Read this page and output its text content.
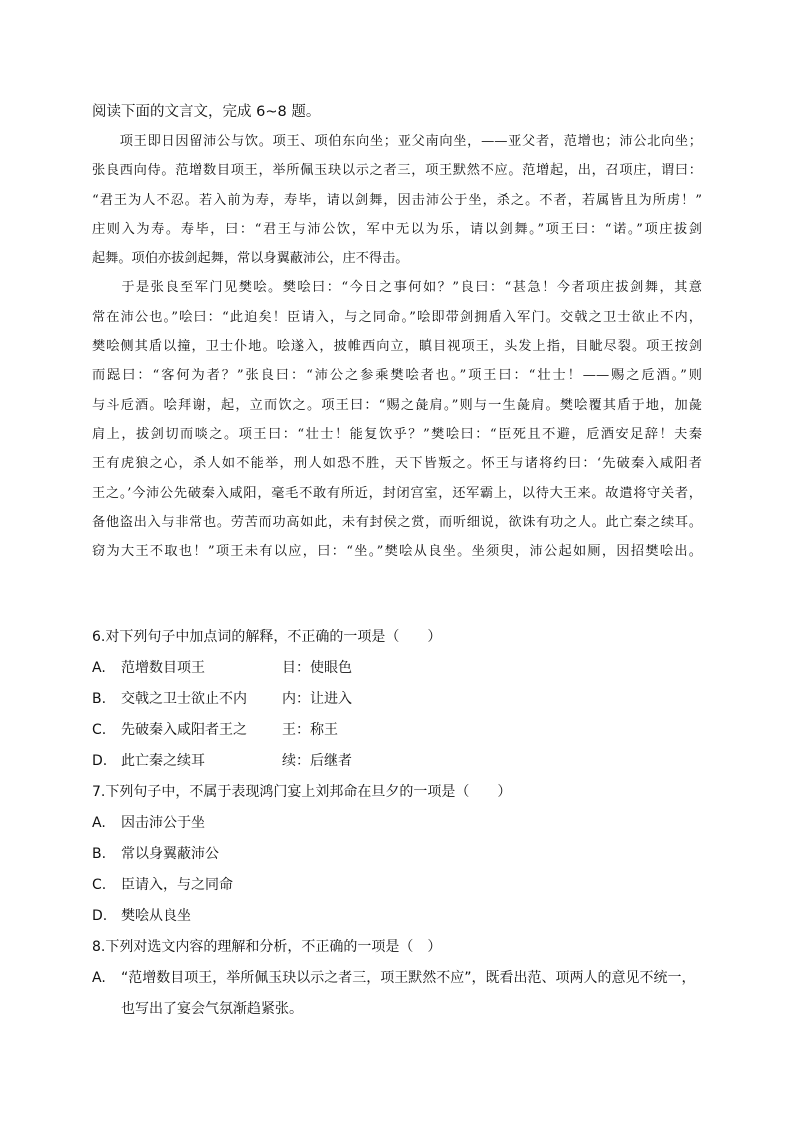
阅读下面的文言文，完成 6~8 题。
　　项王即日因留沛公与饮。项王、项伯东向坐；亚父南向坐，——亚父者，范增也；沛公北向坐；
张良西向侍。范增数目项王，举所佩玉玦以示之者三，项王默然不应。范增起，出，召项庄，谓曰：
“君王为人不忍。若入前为寿，寿毕，请以剑舞，因击沛公于坐，杀之。不者，若属皆且为所虏！”
庄则入为寿。寿毕，曰：“君王与沛公饮，军中无以为乐，请以剑舞。”项王曰：“诺。”项庄拔剑
起舞。项伯亦拔剑起舞，常以身翼蔽沛公，庄不得击。
　　于是张良至军门见樊哙。樊哙曰：“今日之事何如？”良曰：“甚急！今者项庄拔剑舞，其意
常在沛公也。”哙曰：“此迫矣！臣请入，与之同命。”哙即带剑拥盾入军门。交戟之卫士欲止不内，
樊哙侧其盾以撞，卫士仆地。哙遂入，披帷西向立，瞋目视项王，头发上指，目眦尽裂。项王按剑
而跽曰：“客何为者？”张良曰：“沛公之参乘樊哙者也。”项王曰：“壮士！——赐之卮酒。”则
与斗卮酒。哙拜谢，起，立而饮之。项王曰：“赐之彘肩。”则与一生彘肩。樊哙覆其盾于地，加彘
肩上，拔剑切而啖之。项王曰：“壮士！能复饮乎？”樊哙曰：“臣死且不避，卮酒安足辞！夫秦
王有虎狼之心，杀人如不能举，刑人如恐不胜，天下皆叛之。怀王与诸将约曰：‘先破秦入咸阳者
王之。’今沛公先破秦入咸阳，毫毛不敢有所近，封闭宫室，还军霸上，以待大王来。故遣将守关者，
备他盗出入与非常也。劳苦而功高如此，未有封侯之赏，而听细说，欲诛有功之人。此亡秦之续耳。
窃为大王不取也！”项王未有以应，曰：“坐。”樊哙从良坐。坐须臾，沛公起如厕，因招樊哙出。
6.对下列句子中加点词的解释，不正确的一项是（　　）
A. 范增数目项王	目：使眼色
B. 交戟之卫士欲止不内	内：让进入
C. 先破秦入咸阳者王之	王：称王
D. 此亡秦之续耳	续：后继者
7.下列句子中，不属于表现鸿门宴上刘邦命在旦夕的一项是（　　）
A. 因击沛公于坐
B. 常以身翼蔽沛公
C. 臣请入，与之同命
D. 樊哙从良坐
8.下列对选文内容的理解和分析，不正确的一项是（　）
A. “范增数目项王，举所佩玉玦以示之者三，项王默然不应”，既看出范、项两人的意见不统一，
也写出了宴会气氛渐趋紧张。
